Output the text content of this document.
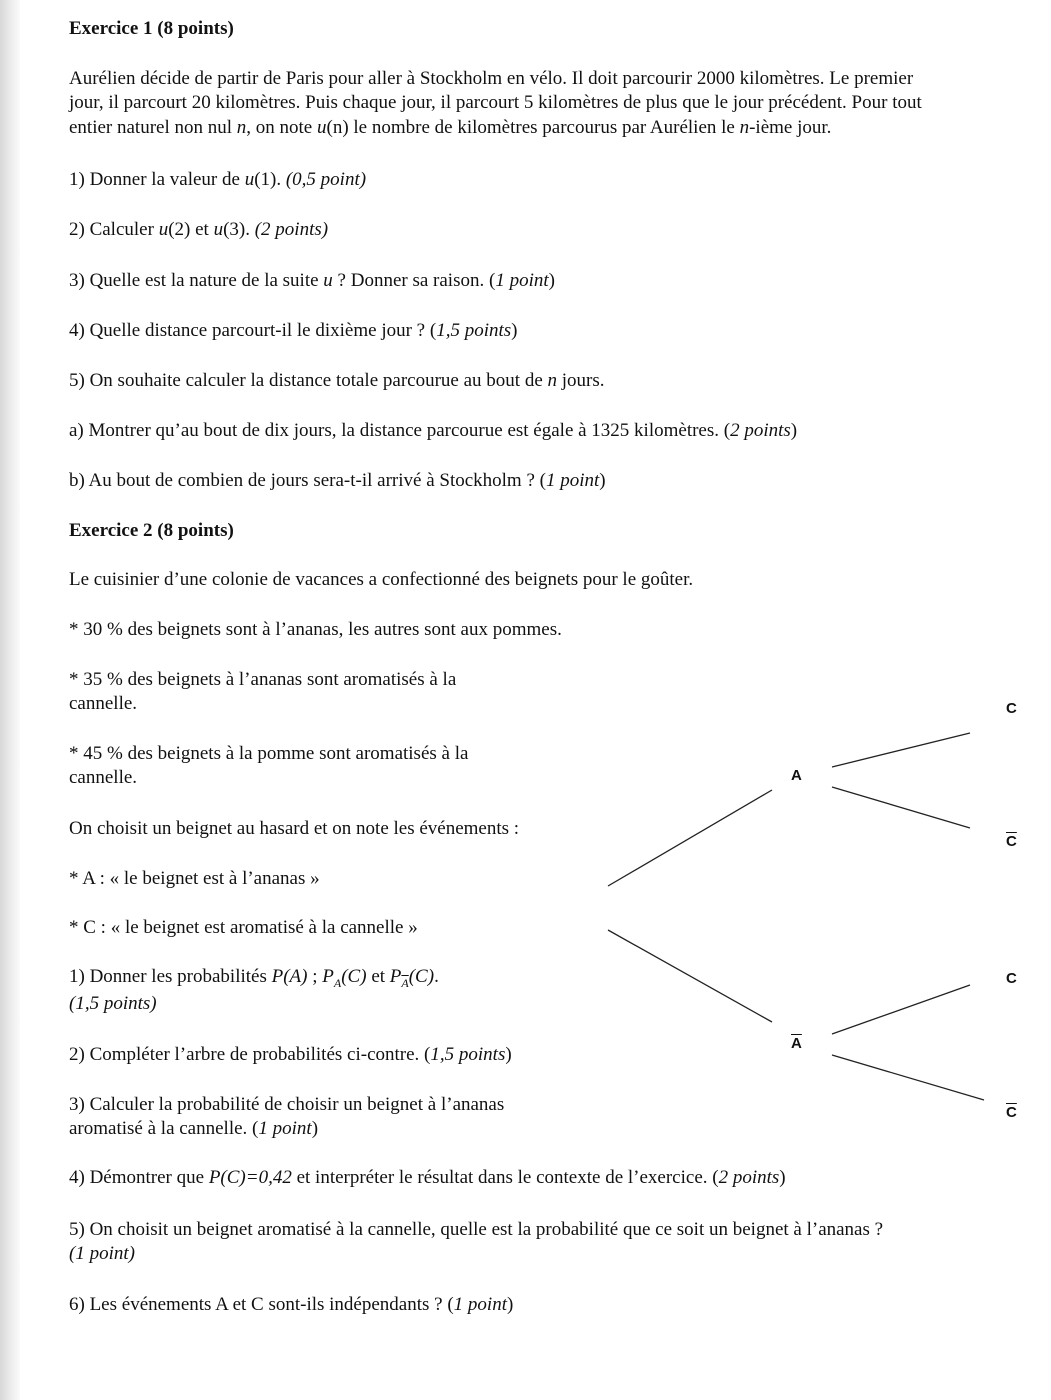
Exercice 1 (8 points)
Aurélien décide de partir de Paris pour aller à Stockholm en vélo. Il doit parcourir 2000 kilomètres. Le premier
jour, il parcourt 20 kilomètres. Puis chaque jour, il parcourt 5 kilomètres de plus que le jour précédent. Pour tout
entier naturel non nul n, on note u(n) le nombre de kilomètres parcourus par Aurélien le n-ième jour.
1) Donner la valeur de u(1). (0,5 point)
2) Calculer u(2) et u(3). (2 points)
3) Quelle est la nature de la suite u ? Donner sa raison. (1 point)
4) Quelle distance parcourt-il le dixième jour ? (1,5 points)
5) On souhaite calculer la distance totale parcourue au bout de n jours.
a) Montrer qu’au bout de dix jours, la distance parcourue est égale à 1325 kilomètres. (2 points)
b) Au bout de combien de jours sera-t-il arrivé à Stockholm ? (1 point)
Exercice 2 (8 points)
Le cuisinier d’une colonie de vacances a confectionné des beignets pour le goûter.
* 30 % des beignets sont à l’ananas, les autres sont aux pommes.
* 35 % des beignets à l’ananas sont aromatisés à la
cannelle.
* 45 % des beignets à la pomme sont aromatisés à la
cannelle.
On choisit un beignet au hasard et on note les événements :
* A : « le beignet est à l’ananas »
* C : « le beignet est aromatisé à la cannelle »
1) Donner les probabilités P(A) ; $P_A(C)$ et $P_{\overline{A}}(C)$.
(1,5 points)
2) Compléter l’arbre de probabilités ci-contre. (1,5 points)
3) Calculer la probabilité de choisir un beignet à l’ananas
aromatisé à la cannelle. (1 point)
4) Démontrer que P(C)=0,42 et interpréter le résultat dans le contexte de l’exercice. (2 points)
5) On choisit un beignet aromatisé à la cannelle, quelle est la probabilité que ce soit un beignet à l’ananas ?
(1 point)
6) Les événements A et C sont-ils indépendants ? (1 point)
A
$\overline{A}$
C
$\overline{C}$
C
$\overline{C}$
